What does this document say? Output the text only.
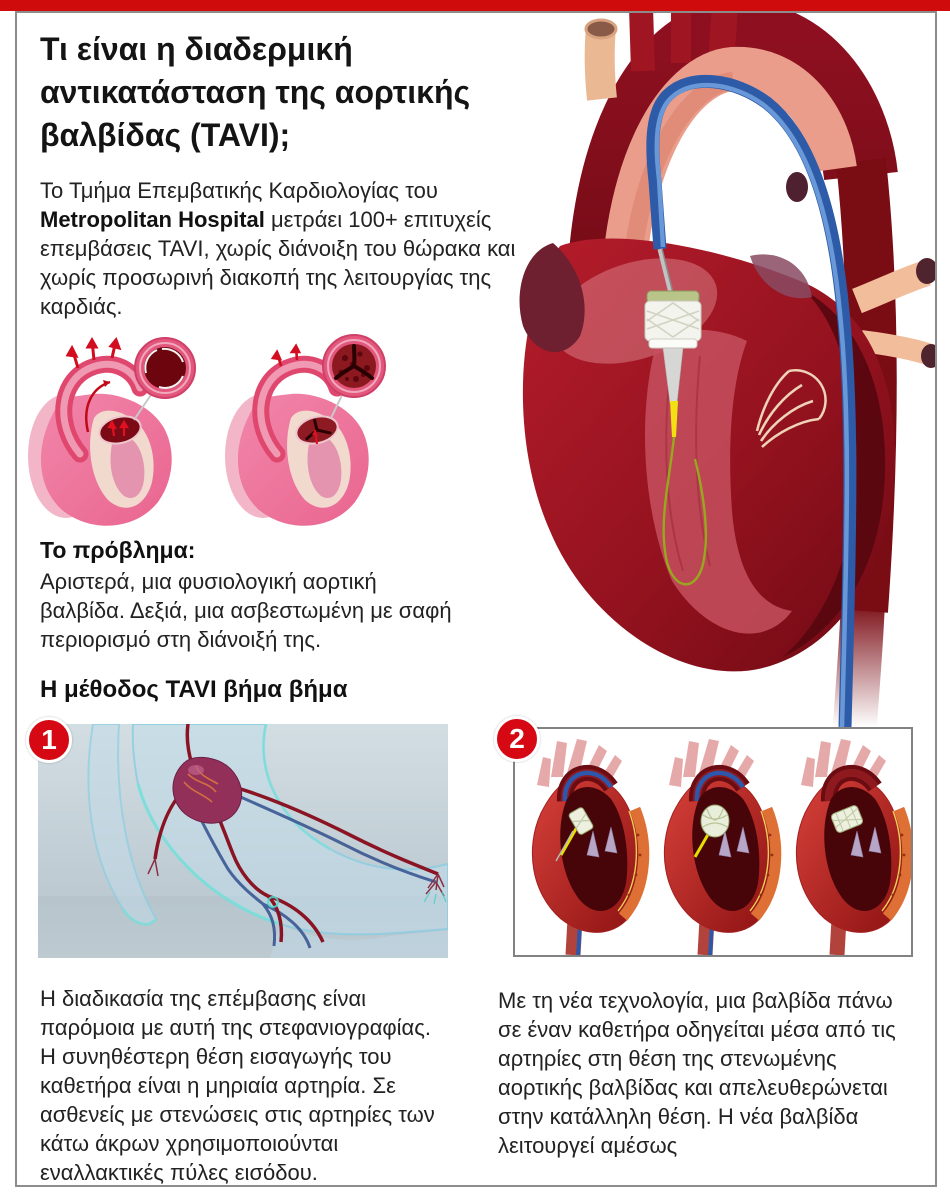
Τι είναι η διαδερμική αντικατάσταση της αορτικής βαλβίδας (TAVI);

Το Τμήμα Επεμβατικής Καρδιολογίας του Metropolitan Hospital μετράει 100+ επιτυχείς επεμβάσεις TAVI, χωρίς διάνοιξη του θώρακα και χωρίς προσωρινή διακοπή της λειτουργίας της καρδιάς.

Το πρόβλημα:

Αριστερά, μια φυσιολογική αορτική βαλβίδα. Δεξιά, μια ασβεστωμένη με σαφή περιορισμό στη διάνοιξή της.

Η μέθοδος TAVI βήμα βήμα
1

Η διαδικασία της επέμβασης είναι παρόμοια με αυτή της στεφανιογραφίας. Η συνηθέστερη θέση εισαγωγής του καθετήρα είναι η μηριαία αρτηρία. Σε ασθενείς με στενώσεις στις αρτηρίες των κάτω άκρων χρησιμοποιούνται εναλλακτικές πύλες εισόδου.

2

Με τη νέα τεχνολογία, μια βαλβίδα πάνω σε έναν καθετήρα οδηγείται μέσα από τις αρτηρίες στη θέση της στενωμένης αορτικής βαλβίδας και απελευθερώνεται στην κατάλληλη θέση. Η νέα βαλβίδα λειτουργεί αμέσως
